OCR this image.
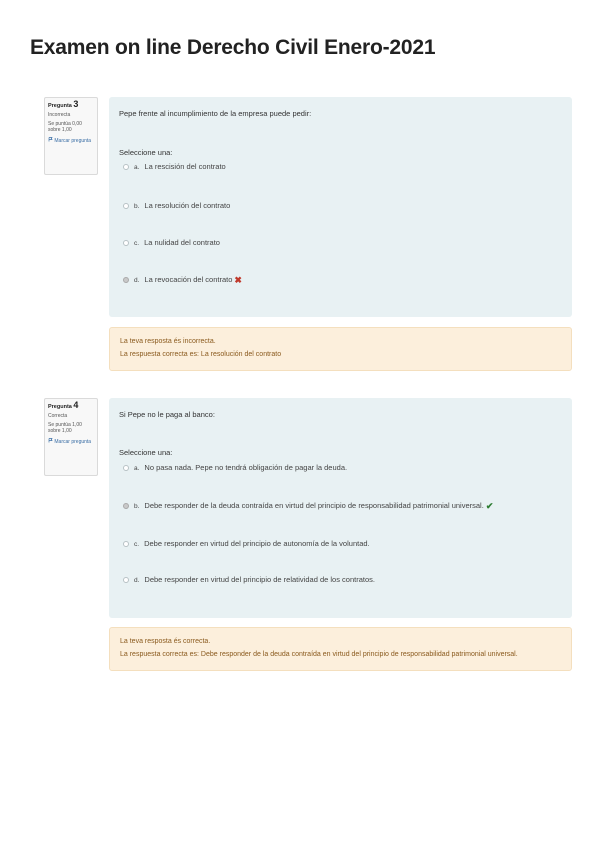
Examen on line Derecho Civil Enero-2021
Pregunta 3
Incorrecta
Se puntúa 0,00 sobre 1,00
Marcar pregunta
Pepe frente al incumplimiento de la empresa puede pedir:
Seleccione una:
a. La rescisión del contrato
b. La resolución del contrato
c. La nulidad del contrato
d. La revocación del contrato ✖
La teva resposta és incorrecta.
La respuesta correcta es: La resolución del contrato
Pregunta 4
Correcta
Se puntúa 1,00 sobre 1,00
Marcar pregunta
Si Pepe no le paga al banco:
Seleccione una:
a. No pasa nada. Pepe no tendrá obligación de pagar la deuda.
b. Debe responder de la deuda contraída en virtud del principio de responsabilidad patrimonial universal. ✔
c. Debe responder en virtud del principio de autonomía de la voluntad.
d. Debe responder en virtud del principio de relatividad de los contratos.
La teva resposta és correcta.
La respuesta correcta es: Debe responder de la deuda contraída en virtud del principio de responsabilidad patrimonial universal.
